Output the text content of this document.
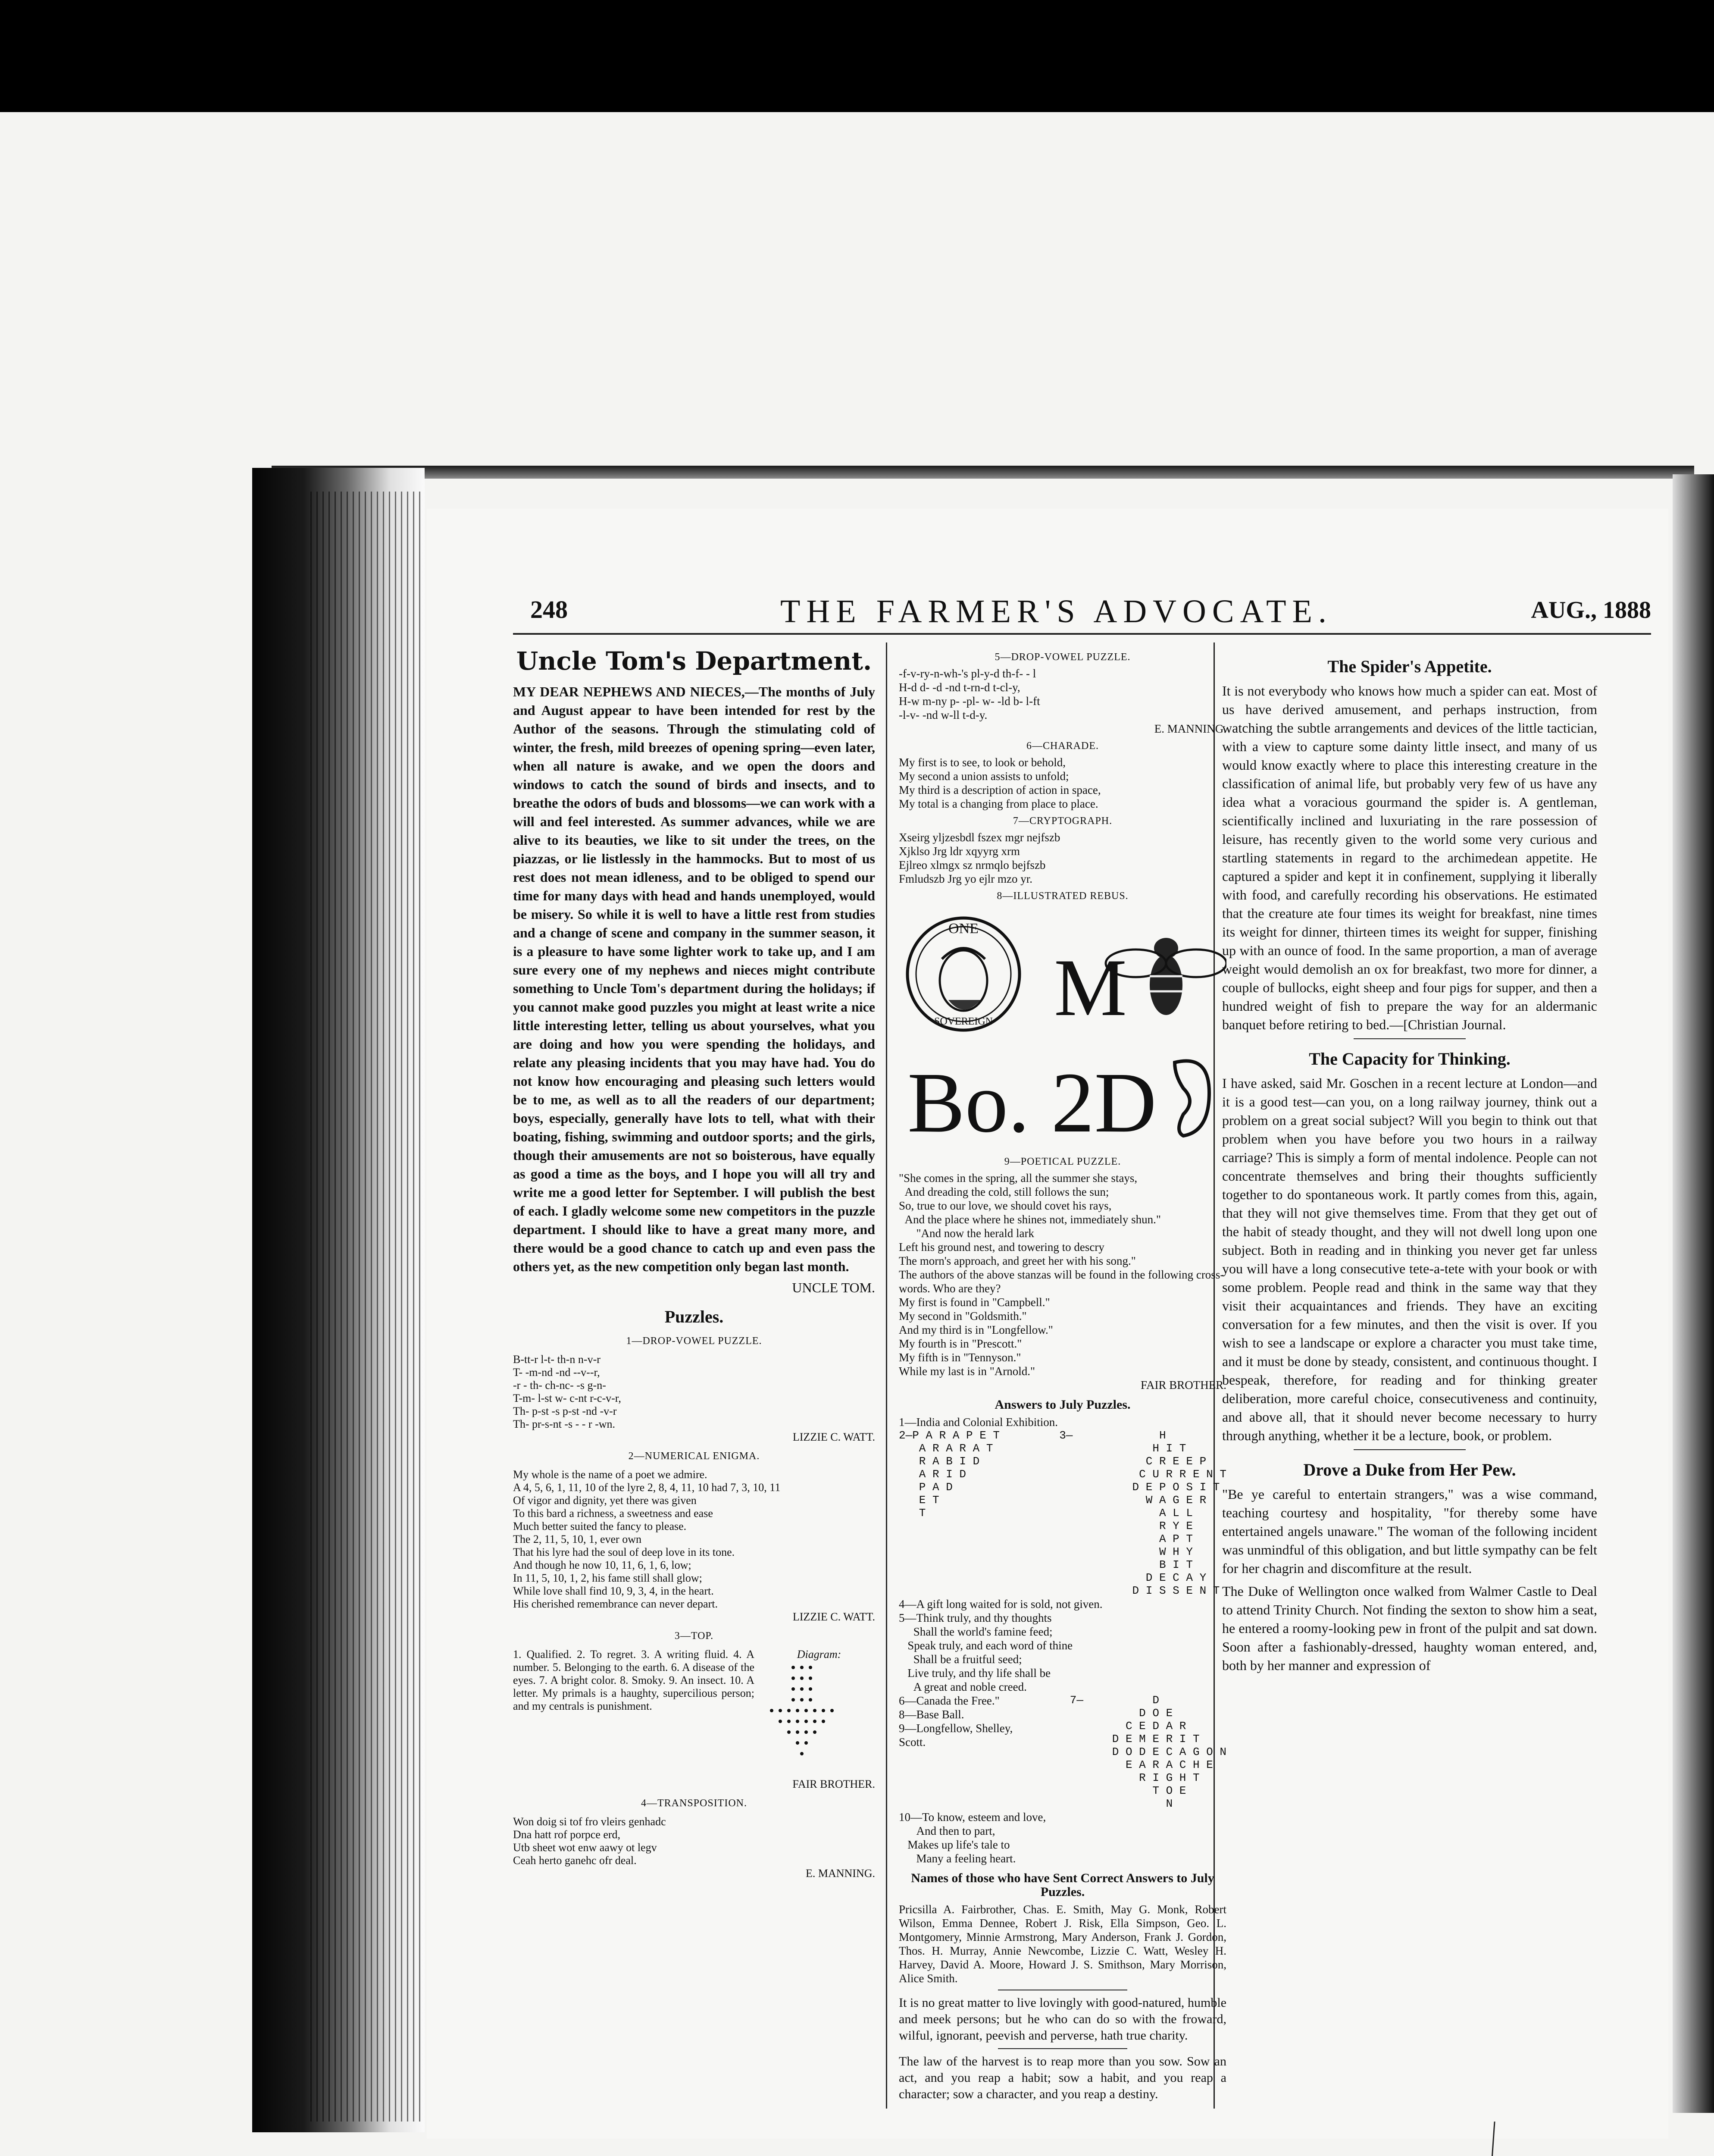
248	THE FARMER'S ADVOCATE.	AUG., 1888
Uncle Tom's Department.
MY DEAR NEPHEWS AND NIECES,—The months of July and August appear to have been intended for rest by the Author of the seasons. Through the stimulating cold of winter, the fresh, mild breezes of opening spring—even later, when all nature is awake, and we open the doors and windows to catch the sound of birds and insects, and to breathe the odors of buds and blossoms—we can work with a will and feel interested. As summer advances, while we are alive to its beauties, we like to sit under the trees, on the piazzas, or lie listlessly in the hammocks. But to most of us rest does not mean idleness, and to be obliged to spend our time for many days with head and hands unemployed, would be misery. So while it is well to have a little rest from studies and a change of scene and company in the summer season, it is a pleasure to have some lighter work to take up, and I am sure every one of my nephews and nieces might contribute something to Uncle Tom's department during the holidays; if you cannot make good puzzles you might at least write a nice little interesting letter, telling us about yourselves, what you are doing and how you were spending the holidays, and relate any pleasing incidents that you may have had. You do not know how encouraging and pleasing such letters would be to me, as well as to all the readers of our department; boys, especially, generally have lots to tell, what with their boating, fishing, swimming and outdoor sports; and the girls, though their amusements are not so boisterous, have equally as good a time as the boys, and I hope you will all try and write me a good letter for September. I will publish the best of each. I gladly welcome some new competitors in the puzzle department. I should like to have a great many more, and there would be a good chance to catch up and even pass the others yet, as the new competition only began last month.
UNCLE TOM.
Puzzles.
1—DROP-VOWEL PUZZLE.
B-tt-r l-t- th-n n-v-r
T- -m-nd -nd --v--r,
-r - th- ch-nc- -s g-n-
T-m- l-st w- c-nt r-c-v-r,
Th- p-st -s p-st -nd -v-r
Th- pr-s-nt -s - - r -wn.
LIZZIE C. WATT.
2—NUMERICAL ENIGMA.
My whole is the name of a poet we admire.
A 4, 5, 6, 1, 11, 10 of the lyre 2, 8, 4, 11, 10 had 7, 3, 10, 11
Of vigor and dignity, yet there was given
To this bard a richness, a sweetness and ease
Much better suited the fancy to please.
The 2, 11, 5, 10, 1, ever own
That his lyre had the soul of deep love in its tone.
And though he now 10, 11, 6, 1, 6, low;
In 11, 5, 10, 1, 2, his fame still shall glow;
While love shall find 10, 9, 3, 4, in the heart.
His cherished remembrance can never depart.
LIZZIE C. WATT.
3—TOP.
1. Qualified. 2. To regret. 3. A writing fluid. 4. A number. 5. Belonging to the earth. 6. A disease of the eyes. 7. A bright color. 8. Smoky. 9. An insect. 10. A letter. My primals is a haughty, supercilious person; and my centrals is punishment.
Diagram:
FAIR BROTHER.
4—TRANSPOSITION.
Won doig si tof fro vleirs genhadc
Dna hatt rof porpce erd,
Utb sheet wot enw aawy ot legv
Ceah herto ganehc ofr deal.
E. MANNING.
5—DROP-VOWEL PUZZLE.
-f-v-ry-n-wh-'s pl-y-d th-f- - l
H-d d- -d -nd t-rn-d t-cl-y,
H-w m-ny p- -pl- w- -ld b- l-ft
-l-v- -nd w-ll t-d-y.
E. MANNING.
6—CHARADE.
My first is to see, to look or behold,
My second a union assists to unfold;
My third is a description of action in space,
My total is a changing from place to place.
7—CRYPTOGRAPH.
Xseirg yljzesbdl fszex mgr nejfszb
Xjklso Jrg ldr xqyyrg xrm
Ejlreo xlmgx sz nrmqlo bejfszb
Fmludszb Jrg yo ejlr mzo yr.
8—ILLUSTRATED REBUS.
ONE
SOVEREIGN M
Bo. 2D
9—POETICAL PUZZLE.
"She comes in the spring, all the summer she stays,
And dreading the cold, still follows the sun;
So, true to our love, we should covet his rays,
And the place where he shines not, immediately shun."
"And now the herald lark
Left his ground nest, and towering to descry
The morn's approach, and greet her with his song."
The authors of the above stanzas will be found in the following cross-words. Who are they?
My first is found in "Campbell."
My second in "Goldsmith."
And my third is in "Longfellow."
My fourth is in "Prescott."
My fifth is in "Tennyson."
While my last is in "Arnold."
FAIR BROTHER.
Answers to July Puzzles.
1—India and Colonial Exhibition.
2—P A R A P E T
A R A R A T
R A B I D
A R I D
P A D
E T
T
3—	H
H I T
C R E E P
C U R R E N T
D E P O S I T
W A G E R
A L L
R Y E
A P T
W H Y
B I T
D E C A Y
D I S S E N T
4—A gift long waited for is sold, not given.
5—Think truly, and thy thoughts
Shall the world's famine feed;
Speak truly, and each word of thine
Shall be a fruitful seed;
Live truly, and thy life shall be
A great and noble creed.
6—Canada the Free."
8—Base Ball.
9—Longfellow, Shelley, Scott.
7—	D
D O E
C E D A R
D E M E R I T
D O D E C A G O N
E A R A C H E
R I G H T
T O E
N
10—To know, esteem and love,
And then to part,
Makes up life's tale to
Many a feeling heart.
Names of those who have Sent Correct Answers to July Puzzles.
Pricsilla A. Fairbrother, Chas. E. Smith, May G. Monk, Robert Wilson, Emma Dennee, Robert J. Risk, Ella Simpson, Geo. L. Montgomery, Minnie Armstrong, Mary Anderson, Frank J. Gordon, Thos. H. Murray, Annie Newcombe, Lizzie C. Watt, Wesley H. Harvey, David A. Moore, Howard J. S. Smithson, Mary Morrison, Alice Smith.
It is no great matter to live lovingly with good-natured, humble and meek persons; but he who can do so with the froward, wilful, ignorant, peevish and perverse, hath true charity.
The law of the harvest is to reap more than you sow. Sow an act, and you reap a habit; sow a habit, and you reap a character; sow a character, and you reap a destiny.
The Spider's Appetite.
It is not everybody who knows how much a spider can eat. Most of us have derived amusement, and perhaps instruction, from watching the subtle arrangements and devices of the little tactician, with a view to capture some dainty little insect, and many of us would know exactly where to place this interesting creature in the classification of animal life, but probably very few of us have any idea what a voracious gourmand the spider is. A gentleman, scientifically inclined and luxuriating in the rare possession of leisure, has recently given to the world some very curious and startling statements in regard to the archimedean appetite. He captured a spider and kept it in confinement, supplying it liberally with food, and carefully recording his observations. He estimated that the creature ate four times its weight for breakfast, nine times its weight for dinner, thirteen times its weight for supper, finishing up with an ounce of food. In the same proportion, a man of average weight would demolish an ox for breakfast, two more for dinner, a couple of bullocks, eight sheep and four pigs for supper, and then a hundred weight of fish to prepare the way for an aldermanic banquet before retiring to bed.—[Christian Journal.
The Capacity for Thinking.
I have asked, said Mr. Goschen in a recent lecture at London—and it is a good test—can you, on a long railway journey, think out a problem on a great social subject? Will you begin to think out that problem when you have before you two hours in a railway carriage? This is simply a form of mental indolence. People can not concentrate themselves and bring their thoughts sufficiently together to do spontaneous work. It partly comes from this, again, that they will not give themselves time. From that they get out of the habit of steady thought, and they will not dwell long upon one subject. Both in reading and in thinking you never get far unless you will have a long consecutive tete-a-tete with your book or with some problem. People read and think in the same way that they visit their acquaintances and friends. They have an exciting conversation for a few minutes, and then the visit is over. If you wish to see a landscape or explore a character you must take time, and it must be done by steady, consistent, and continuous thought. I bespeak, therefore, for reading and for thinking greater deliberation, more careful choice, consecutiveness and continuity, and above all, that it should never become necessary to hurry through anything, whether it be a lecture, book, or problem.
Drove a Duke from Her Pew.
"Be ye careful to entertain strangers," was a wise command, teaching courtesy and hospitality, "for thereby some have entertained angels unaware." The woman of the following incident was unmindful of this obligation, and but little sympathy can be felt for her chagrin and discomfiture at the result.
The Duke of Wellington once walked from Walmer Castle to Deal to attend Trinity Church. Not finding the sexton to show him a seat, he entered a roomy-looking pew in front of the pulpit and sat down. Soon after a fashionably-dressed, haughty woman entered, and, both by her manner and expression of
